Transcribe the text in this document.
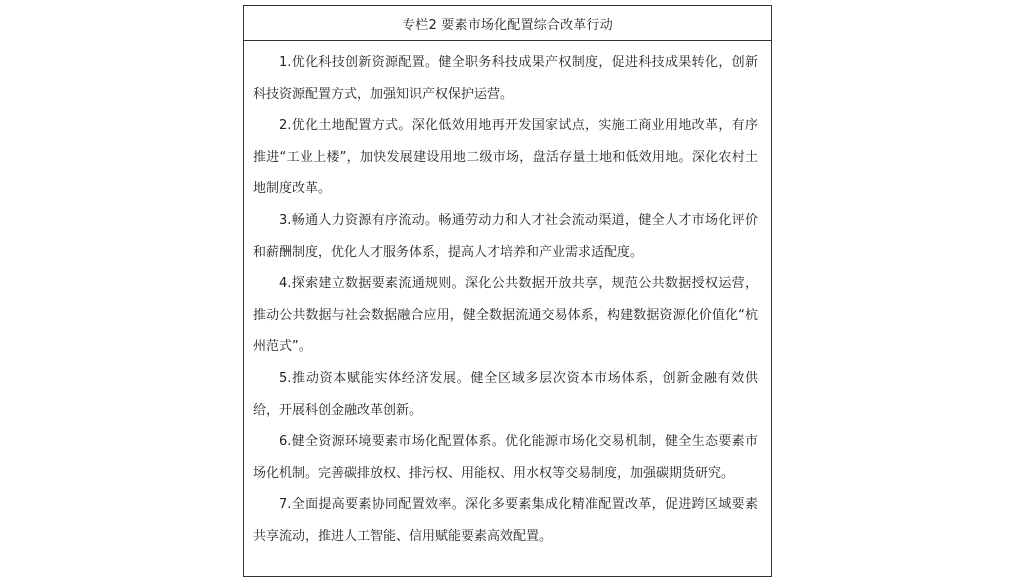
专栏2 要素市场化配置综合改革行动

1.优化科技创新资源配置。健全职务科技成果产权制度，促进科技成果转化，创新科技资源配置方式，加强知识产权保护运营。

2.优化土地配置方式。深化低效用地再开发国家试点，实施工商业用地改革，有序推进“工业上楼”，加快发展建设用地二级市场，盘活存量土地和低效用地。深化农村土地制度改革。

3.畅通人力资源有序流动。畅通劳动力和人才社会流动渠道，健全人才市场化评价和薪酬制度，优化人才服务体系，提高人才培养和产业需求适配度。

4.探索建立数据要素流通规则。深化公共数据开放共享，规范公共数据授权运营，推动公共数据与社会数据融合应用，健全数据流通交易体系，构建数据资源化价值化“杭州范式”。

5.推动资本赋能实体经济发展。健全区域多层次资本市场体系，创新金融有效供给，开展科创金融改革创新。

6.健全资源环境要素市场化配置体系。优化能源市场化交易机制，健全生态要素市场化机制。完善碳排放权、排污权、用能权、用水权等交易制度，加强碳期货研究。

7.全面提高要素协同配置效率。深化多要素集成化精准配置改革，促进跨区域要素共享流动，推进人工智能、信用赋能要素高效配置。
